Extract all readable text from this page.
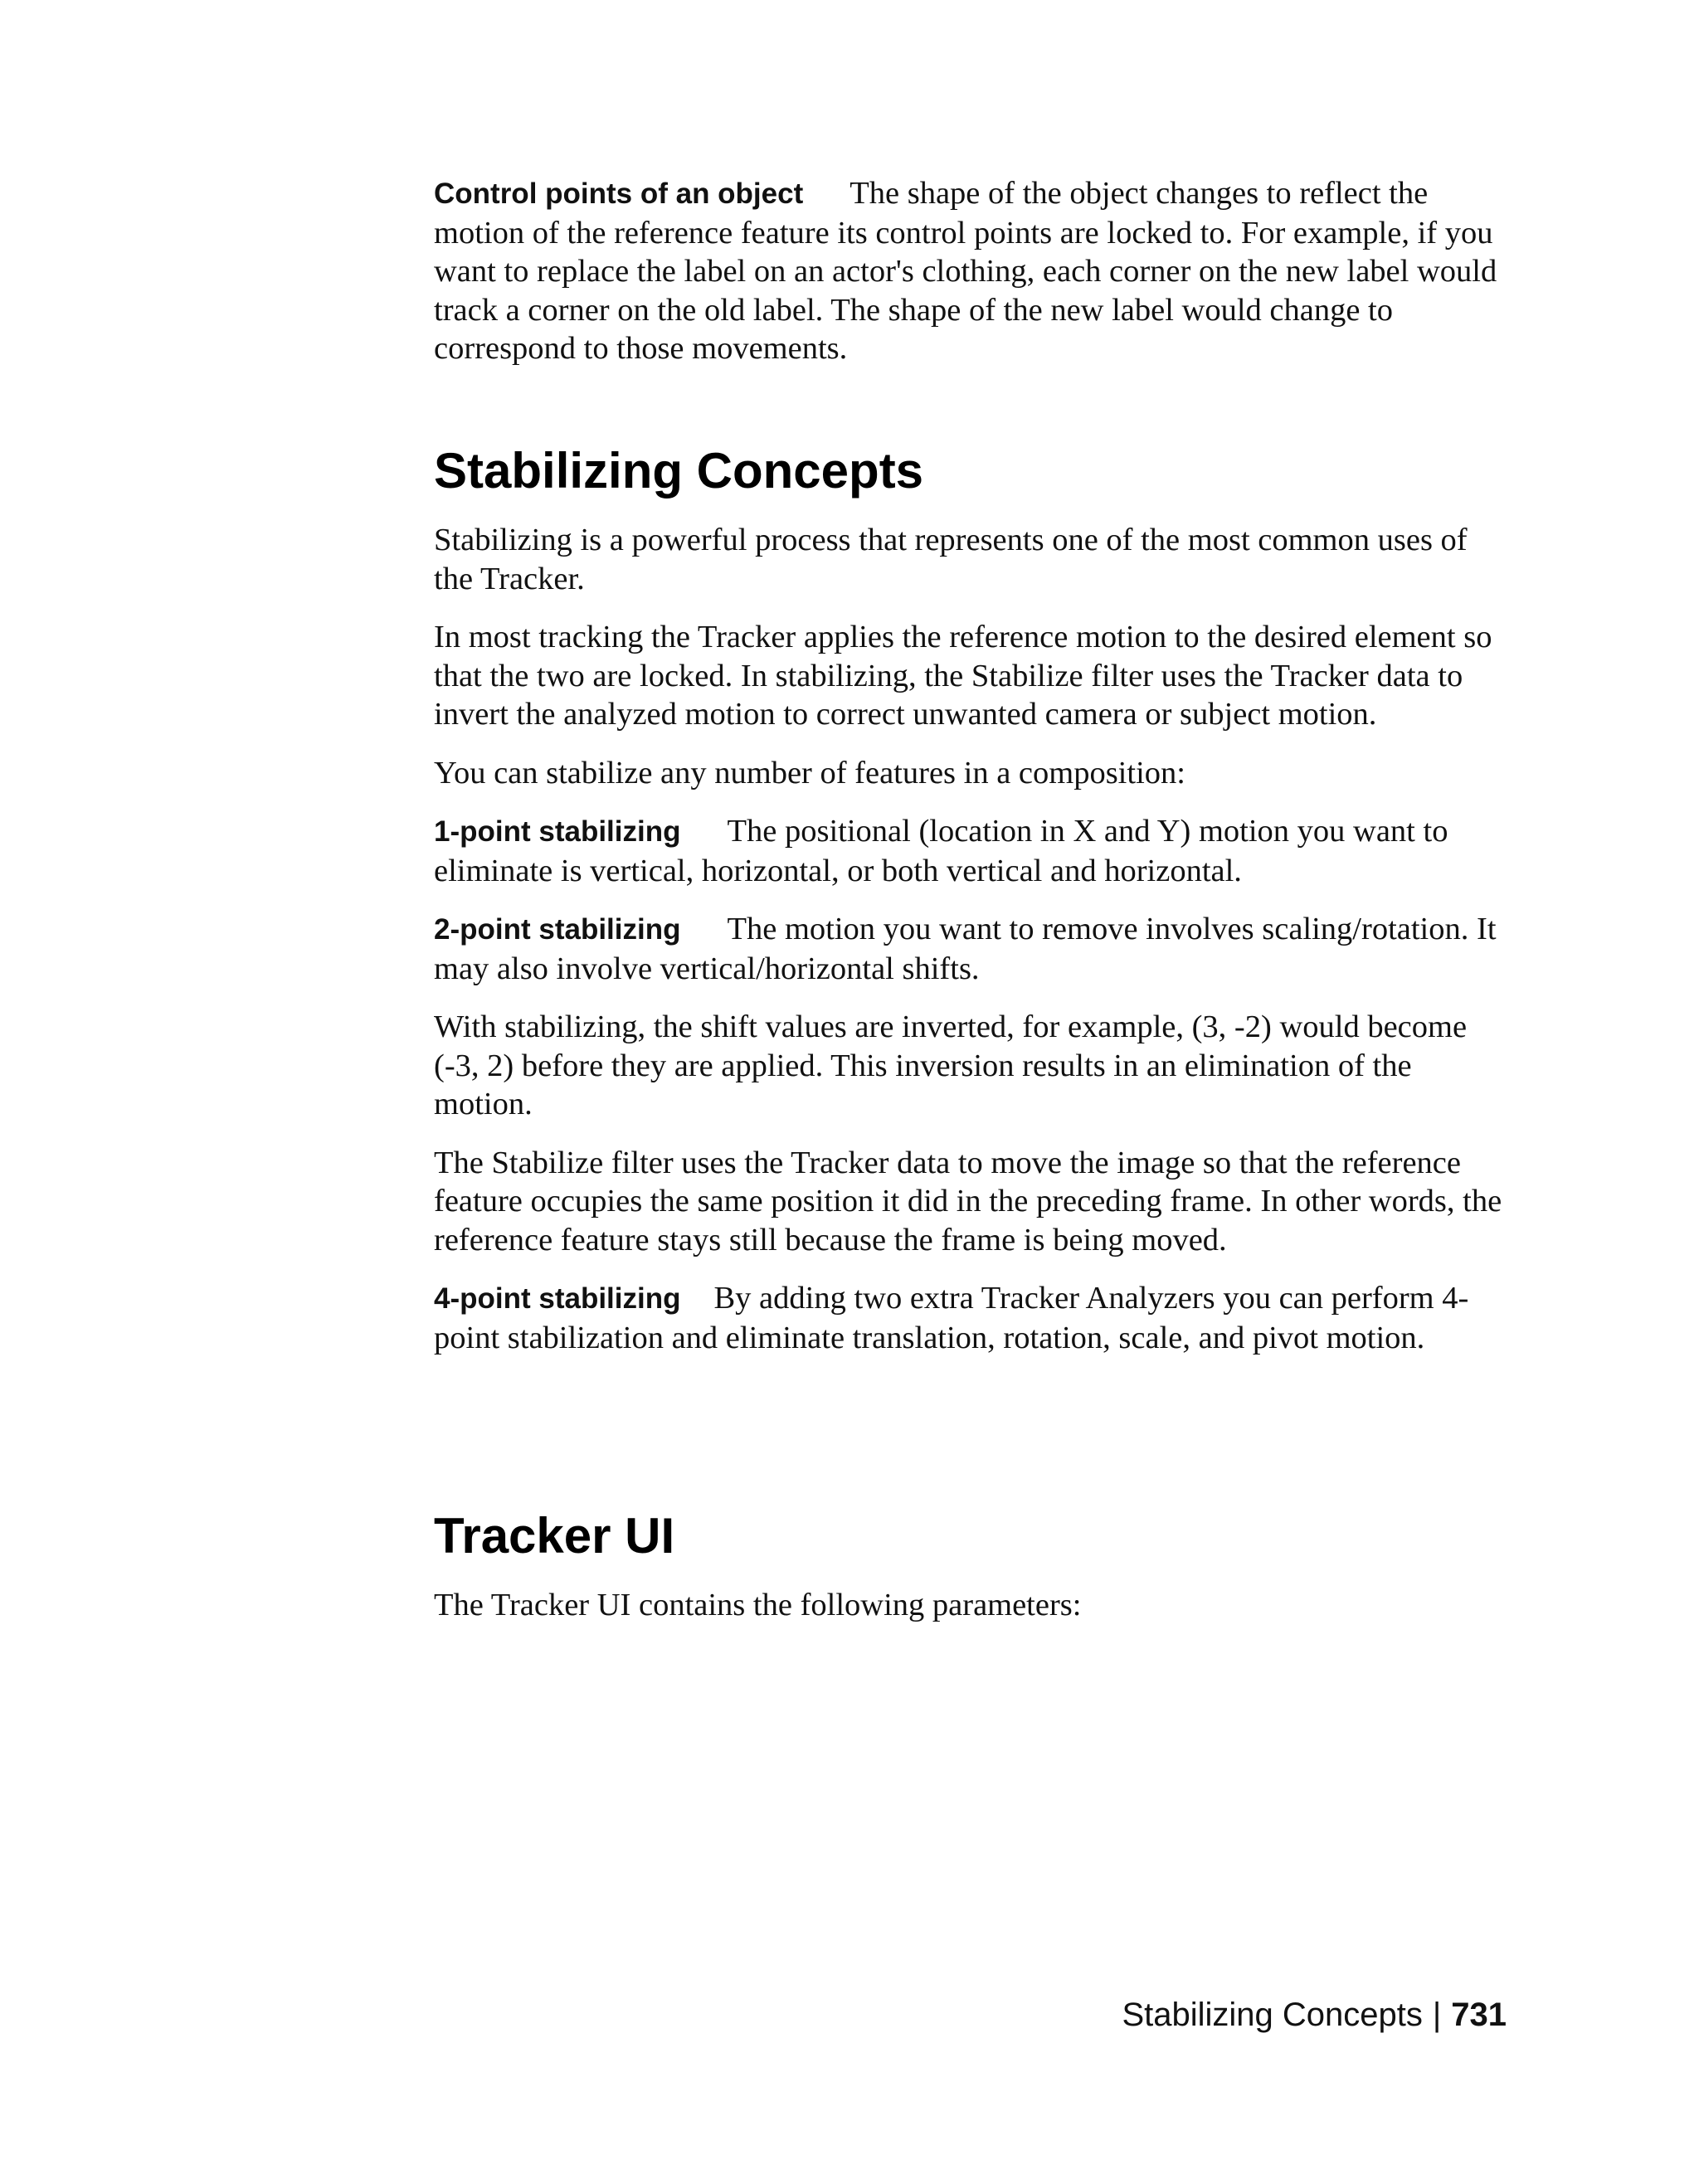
Control points of an object The shape of the object changes to reflect the motion of the reference feature its control points are locked to. For example, if you want to replace the label on an actor's clothing, each corner on the new label would track a corner on the old label. The shape of the new label would change to correspond to those movements.

Stabilizing Concepts

Stabilizing is a powerful process that represents one of the most common uses of the Tracker.

In most tracking the Tracker applies the reference motion to the desired element so that the two are locked. In stabilizing, the Stabilize filter uses the Tracker data to invert the analyzed motion to correct unwanted camera or subject motion.

You can stabilize any number of features in a composition:

1-point stabilizing The positional (location in X and Y) motion you want to eliminate is vertical, horizontal, or both vertical and horizontal.

2-point stabilizing The motion you want to remove involves scaling/rotation. It may also involve vertical/horizontal shifts.

With stabilizing, the shift values are inverted, for example, (3, -2) would become (-3, 2) before they are applied. This inversion results in an elimination of the motion.

The Stabilize filter uses the Tracker data to move the image so that the reference feature occupies the same position it did in the preceding frame. In other words, the reference feature stays still because the frame is being moved.

4-point stabilizing By adding two extra Tracker Analyzers you can perform 4-point stabilization and eliminate translation, rotation, scale, and pivot motion.

Tracker UI

The Tracker UI contains the following parameters:

Stabilizing Concepts | 731
